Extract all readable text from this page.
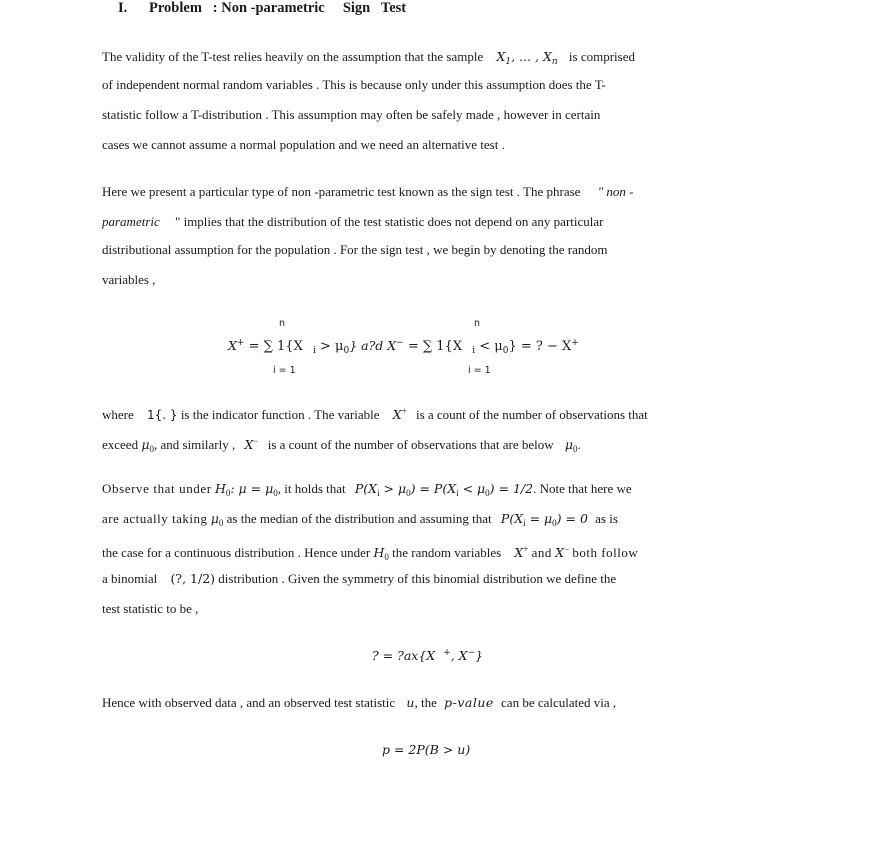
I.      Problem   : Non -parametric     Sign   Test
The validity of the T-test relies heavily on the assumption that the sample $X_1$, ... , $X_n$ is comprised
of independent normal random variables . This is because only under this assumption does the T-
statistic follow a T-distribution . This assumption may often be safely made , however in certain
cases we cannot assume a normal population and we need an alternative test .
Here we present a particular type of non -parametric test known as the sign test . The phrase " non -
parametric " implies that the distribution of the test statistic does not depend on any particular
distributional assumption for the population . For the sign test , we begin by denoting the random
variables ,
n	n
X+ = ∑ 1{X $_i > \mu_0$} a?d X− = ∑ 1{X $_i < \mu_0$} = ? − X+
i = 1	i = 1
where 1{. } is the indicator function . The variable X+ is a count of the number of observations that
exceed $\mu_0$, and similarly , X− is a count of the number of observations that are below $\mu_0$.
Observe that under $H_0$: $\mu = \mu_0$, it holds that $P(X_i > \mu_0) = P(X_i < \mu_0) = 1/2$. Note that here we
are actually taking $\mu_0$ as the median of the distribution and assuming that $P(X_i = \mu_0) = 0$ as is
the case for a continuous distribution . Hence under $H_0$ the random variables X+ and X− both follow
a binomial (?, 1/2) distribution . Given the symmetry of this binomial distribution we define the
test statistic to be ,
? = ?ax{X +, X−}
Hence with observed data , and an observed test statistic u, the p-value can be calculated via ,
p = 2P(B > u)
